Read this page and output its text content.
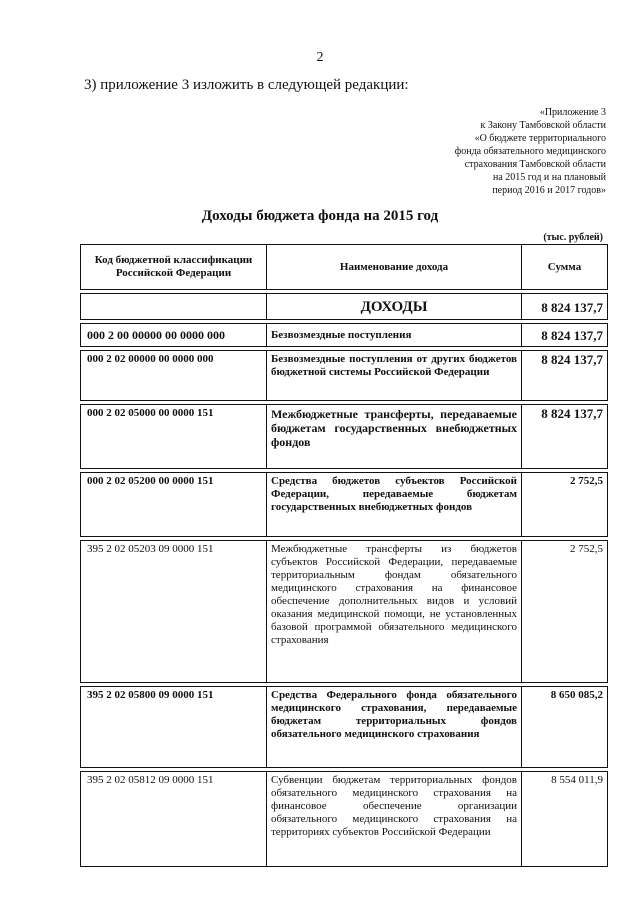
2
3) приложение 3 изложить в следующей редакции:
«Приложение 3
к Закону Тамбовской области
«О бюджете территориального
фонда обязательного медицинского
страхования Тамбовской области
на 2015 год и на плановый
период 2016 и 2017 годов»
Доходы бюджета фонда на 2015 год
(тыс. рублей)
Код бюджетной классификации Российской Федерации	Наименование дохода	Сумма

	ДОХОДЫ	8 824 137,7

000 2 00 00000 00 0000 000	Безвозмездные поступления	8 824 137,7

000 2 02 00000 00 0000 000	Безвозмездные поступления от других бюджетов бюджетной системы Российской Федерации	8 824 137,7

000 2 02 05000 00 0000 151	Межбюджетные трансферты, передаваемые бюджетам государственных внебюджетных фондов	8 824 137,7

000 2 02 05200 00 0000 151	Средства бюджетов субъектов Российской Федерации, передаваемые бюджетам государственных внебюджетных фондов	2 752,5

395 2 02 05203 09 0000 151	Межбюджетные трансферты из бюджетов субъектов Российской Федерации, передаваемые территориальным фондам обязательного медицинского страхования на финансовое обеспечение дополнительных видов и условий оказания медицинской помощи, не установленных базовой программой обязательного медицинского страхования	2 752,5

395 2 02 05800 09 0000 151	Средства Федерального фонда обязательного медицинского страхования, передаваемые бюджетам территориальных фондов обязательного медицинского страхования	8 650 085,2

395 2 02 05812 09 0000 151	Субвенции бюджетам территориальных фондов обязательного медицинского страхования на финансовое обеспечение организации обязательного медицинского страхования на территориях субъектов Российской Федерации	8 554 011,9
